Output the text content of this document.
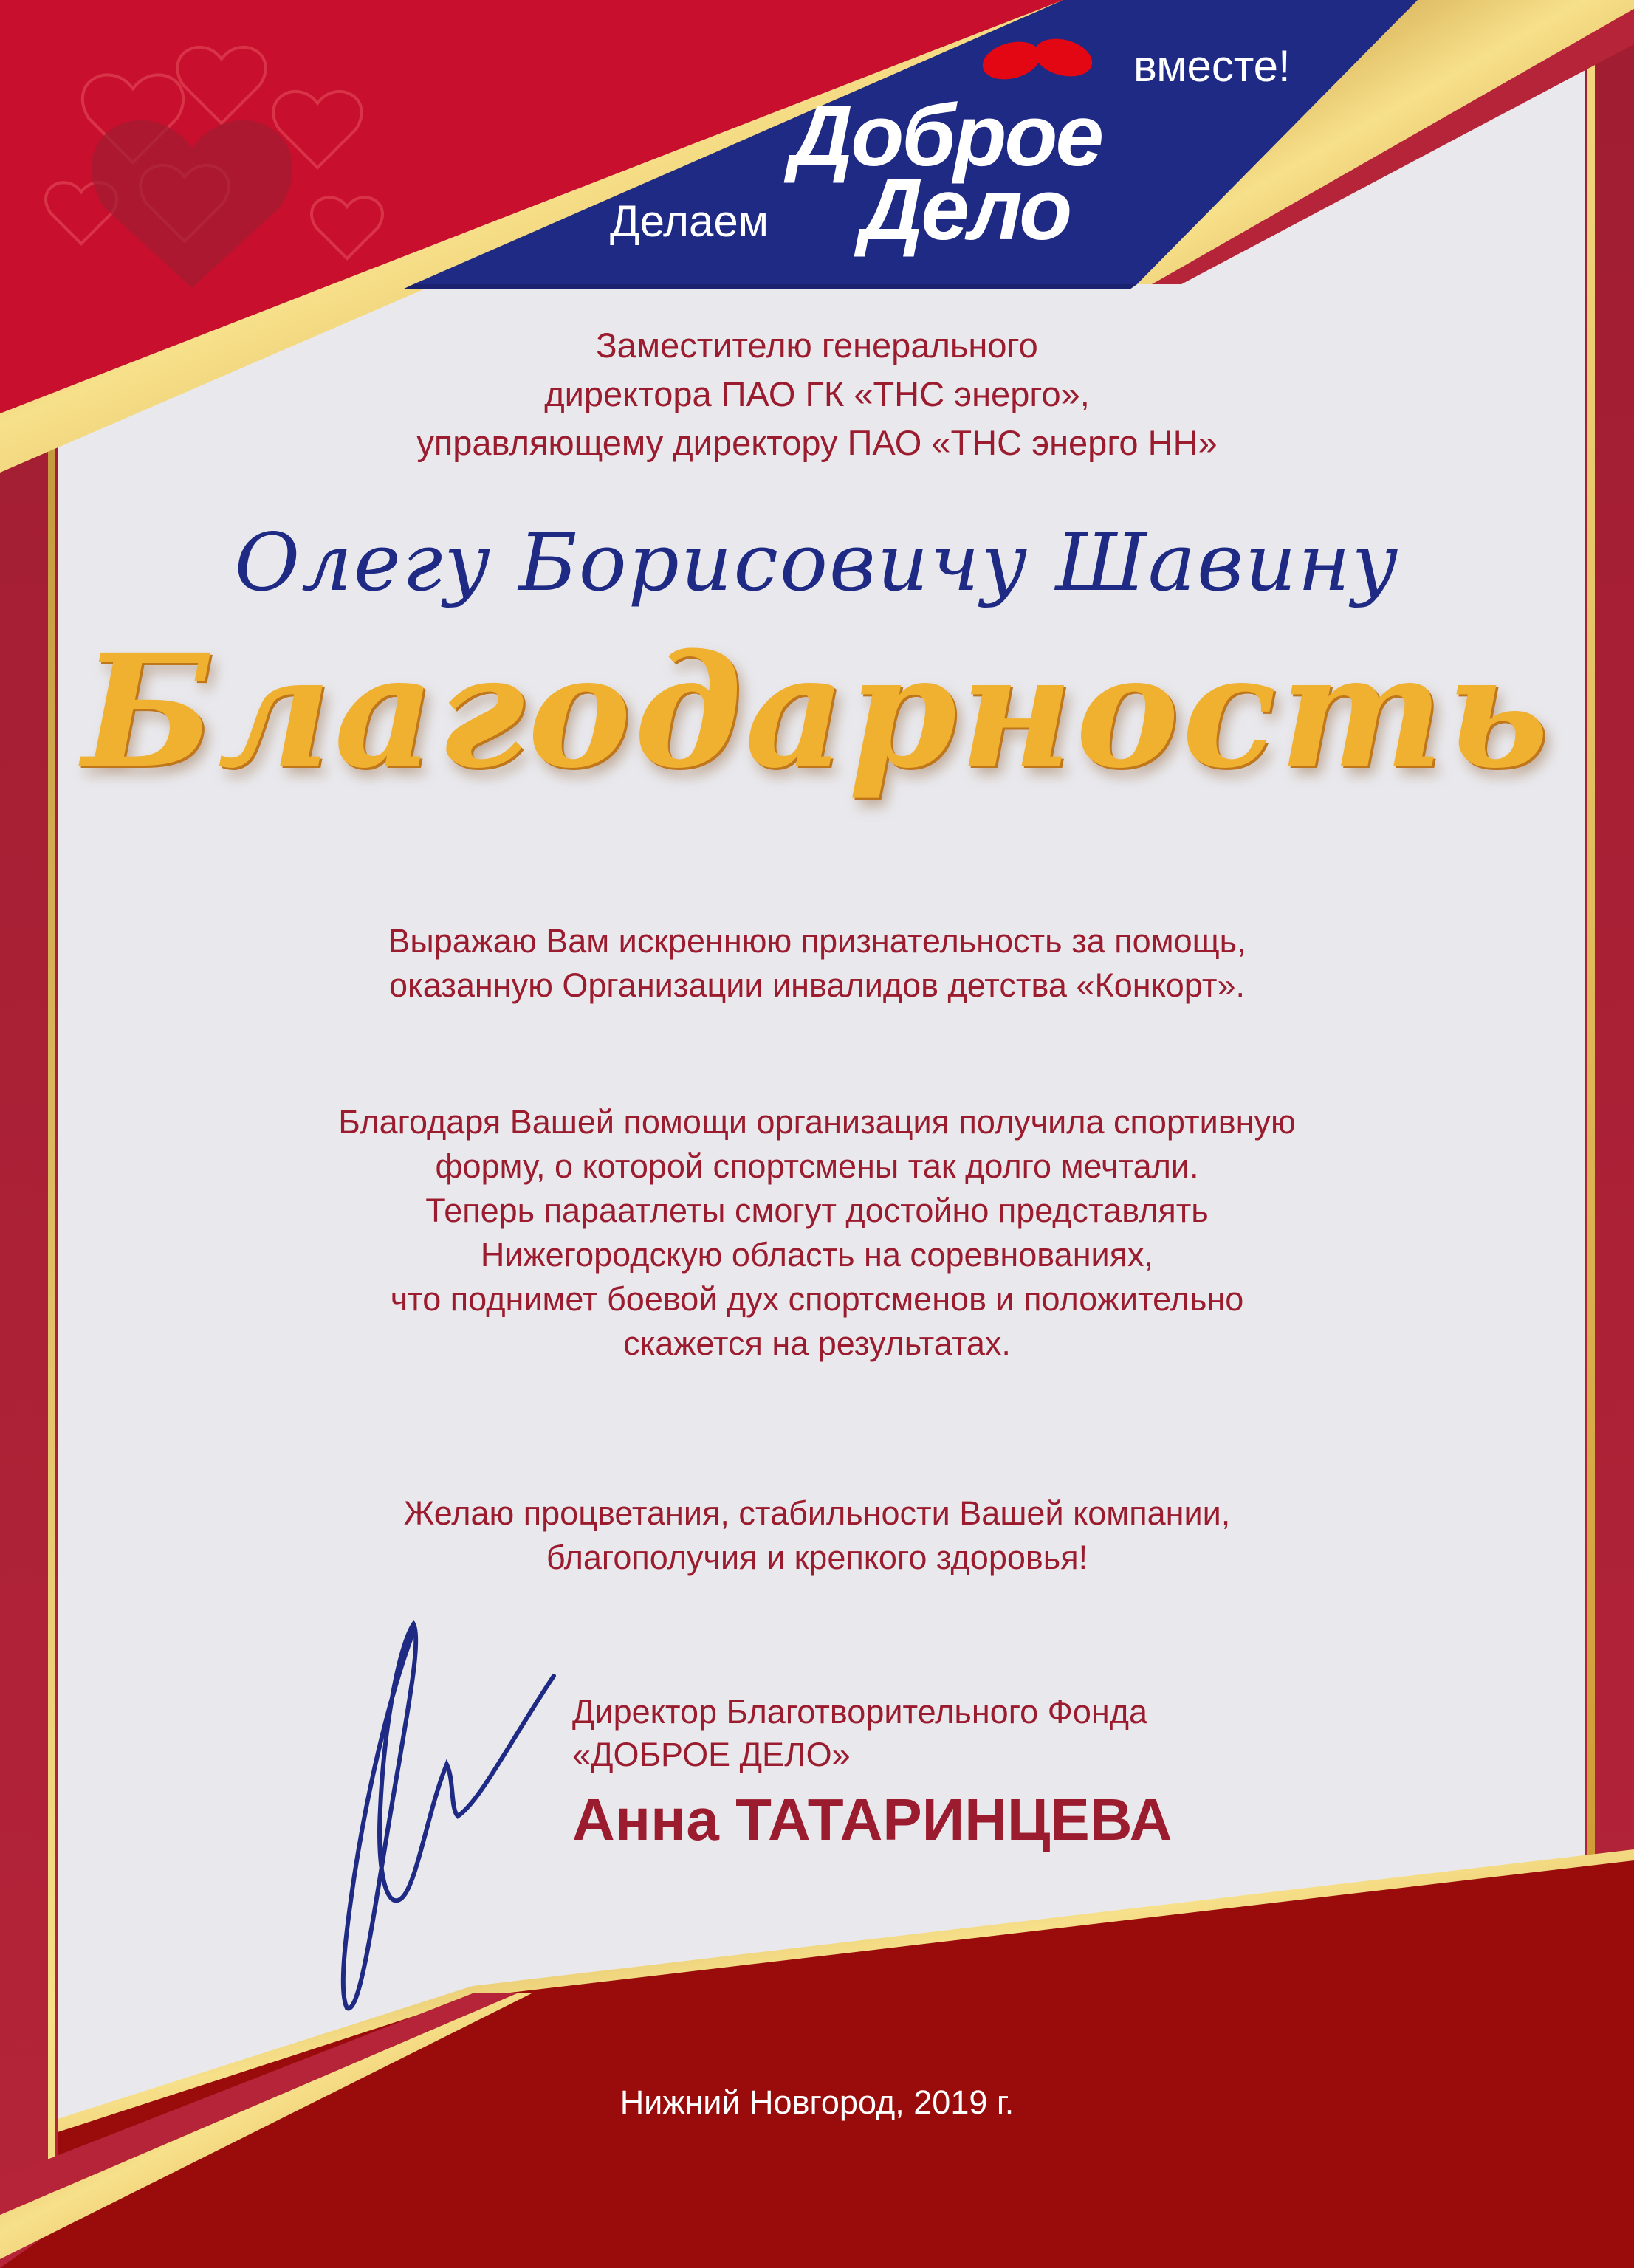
Делаем
Доброе
Дело
вместе!
Заместителю генерального
директора ПАО ГК «ТНС энерго»,
управляющему директору ПАО «ТНС энерго НН»
Олегу Борисовичу Шавину
Благодарность
Выражаю Вам искреннюю признательность за помощь,
оказанную Организации инвалидов детства «Конкорт».
Благодаря Вашей помощи организация получила спортивную
форму, о которой спортсмены так долго мечтали.
Теперь параатлеты смогут достойно представлять
Нижегородскую область на соревнованиях,
что поднимет боевой дух спортсменов и положительно
скажется на результатах.
Желаю процветания, стабильности Вашей компании,
благополучия и крепкого здоровья!
Директор Благотворительного Фонда
«ДОБРОЕ ДЕЛО»
Анна ТАТАРИНЦЕВА
Нижний Новгород, 2019 г.
